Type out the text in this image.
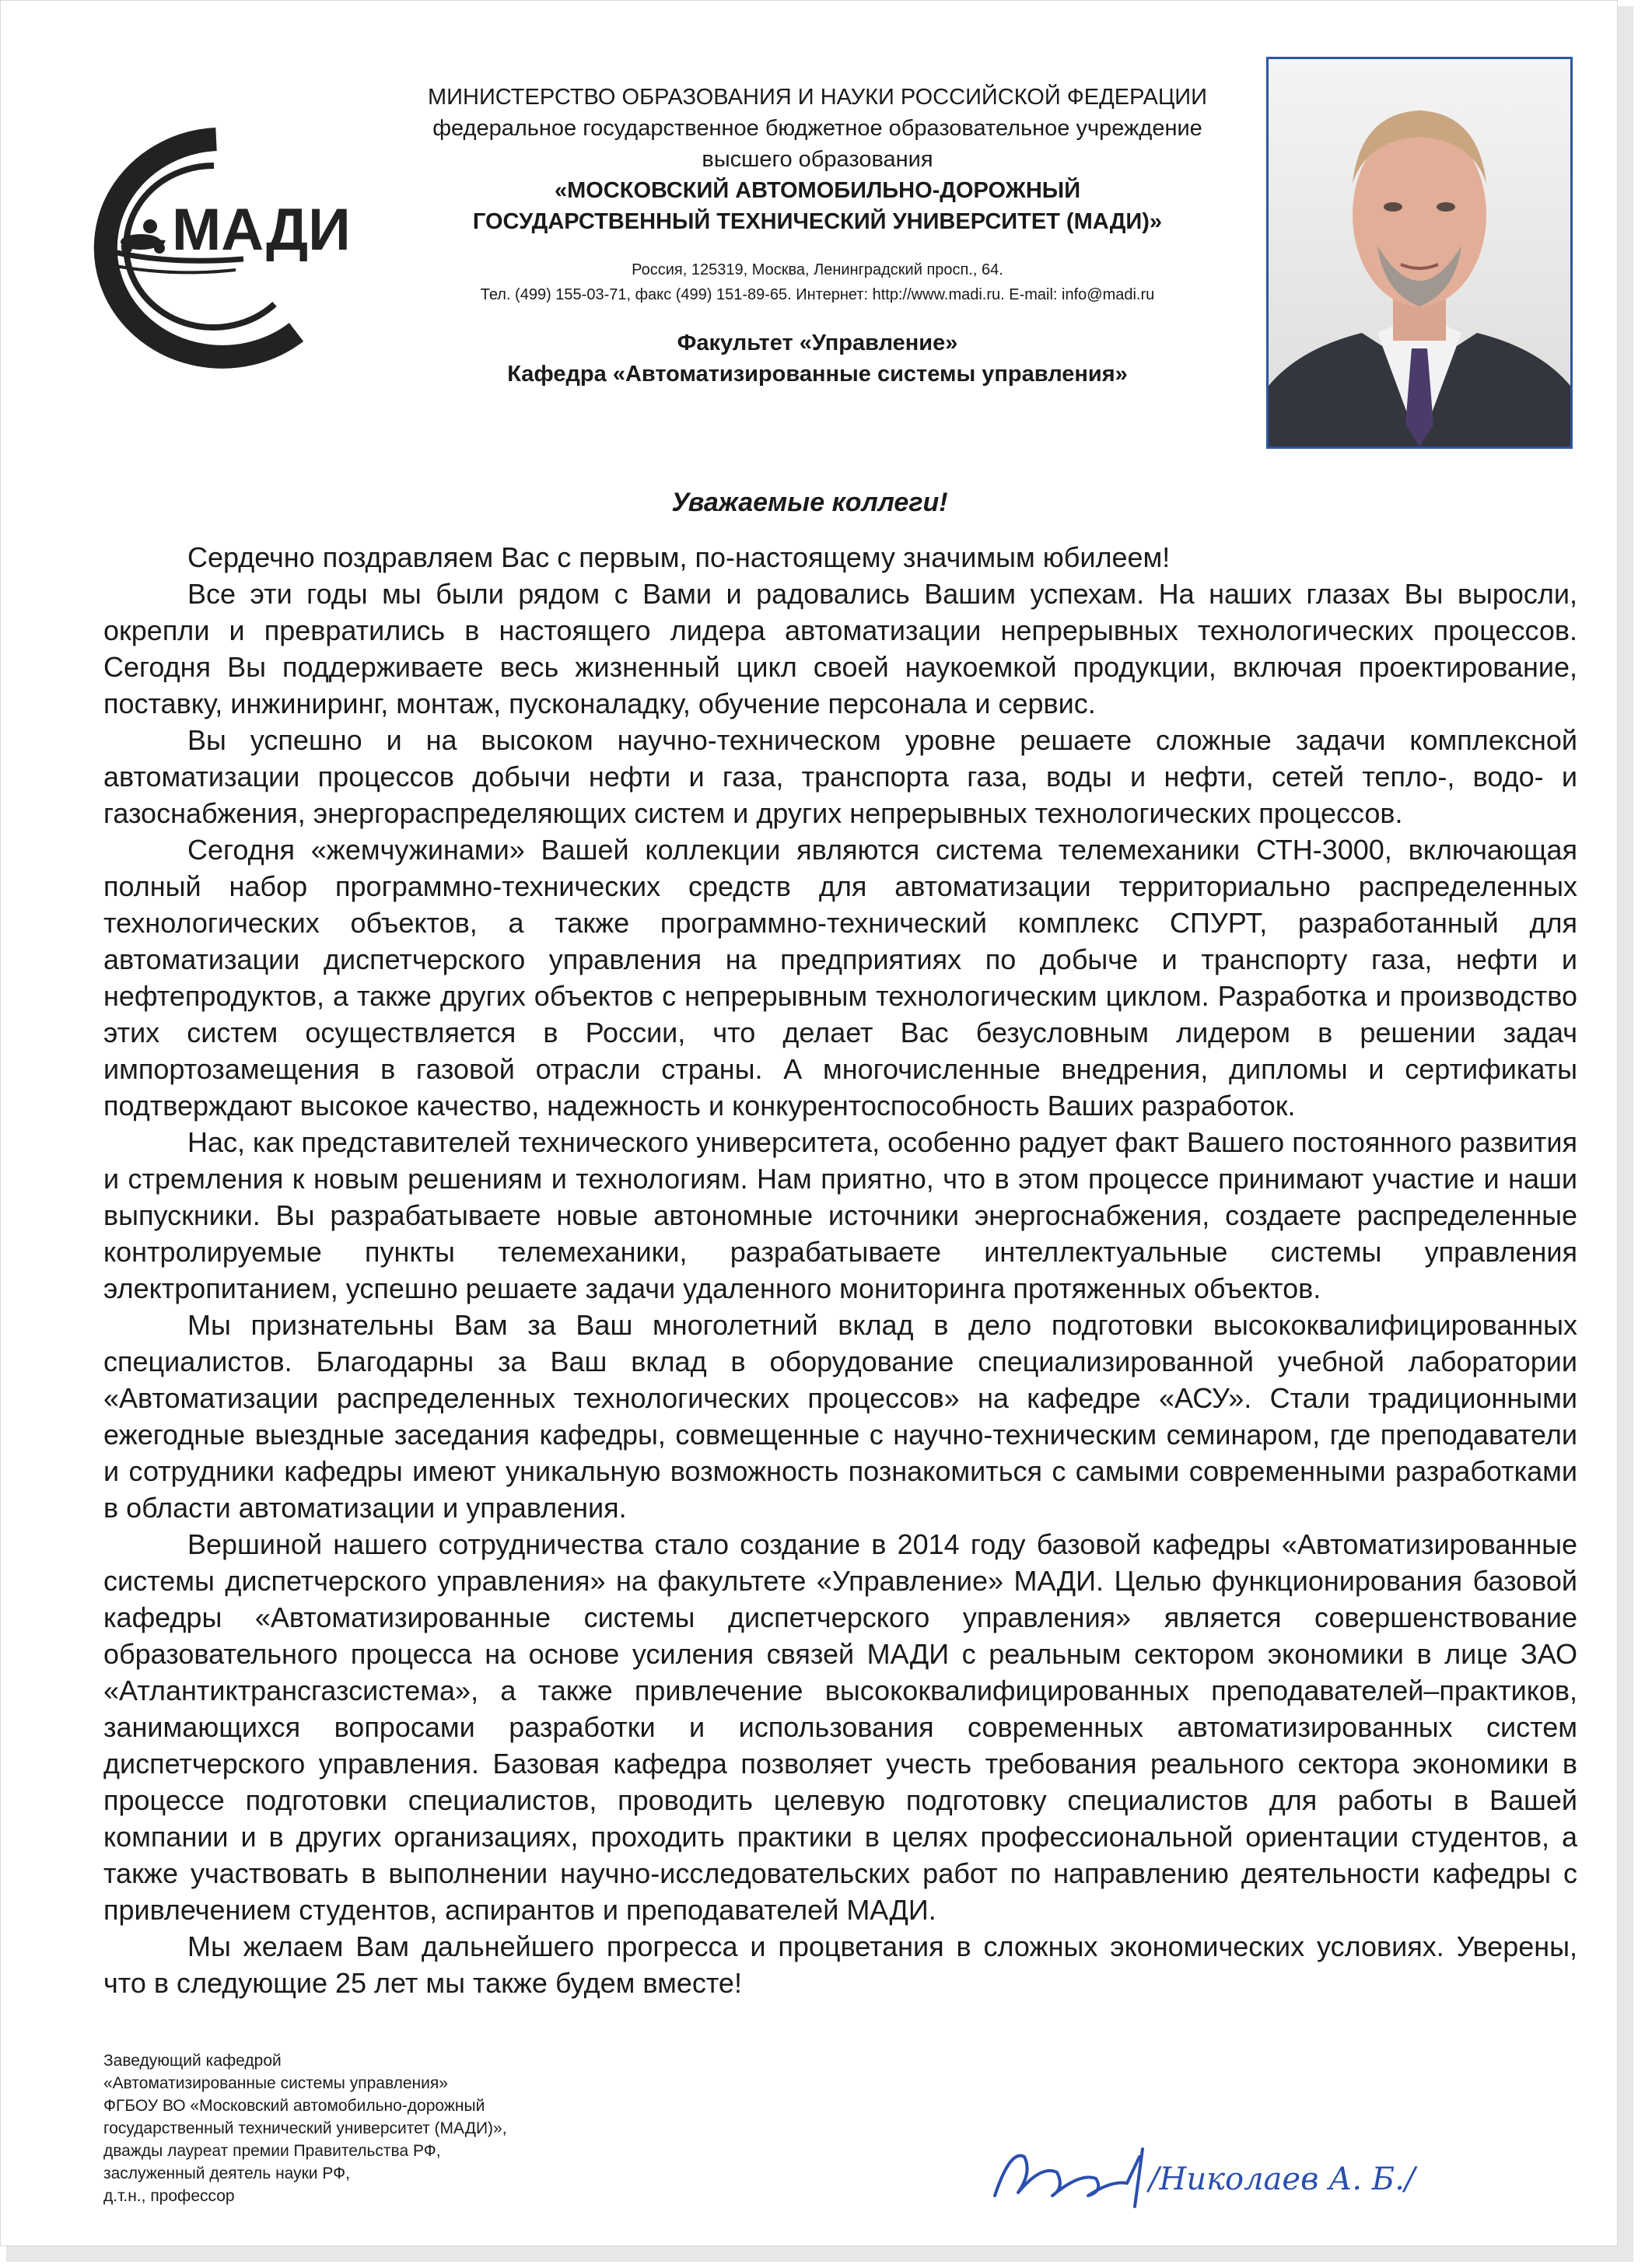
МАДИ
МИНИСТЕРСТВО ОБРАЗОВАНИЯ И НАУКИ РОССИЙСКОЙ ФЕДЕРАЦИИ
федеральное государственное бюджетное образовательное учреждение
высшего образования
«МОСКОВСКИЙ АВТОМОБИЛЬНО-ДОРОЖНЫЙ
ГОСУДАРСТВЕННЫЙ ТЕХНИЧЕСКИЙ УНИВЕРСИТЕТ (МАДИ)»
Россия, 125319, Москва, Ленинградский просп., 64.
Тел. (499) 155-03-71, факс (499) 151-89-65. Интернет: http://www.madi.ru. E-mail: info@madi.ru
Факультет «Управление»
Кафедра «Автоматизированные системы управления»
Уважаемые коллеги!

Сердечно поздравляем Вас с первым, по-настоящему значимым юбилеем!

Все эти годы мы были рядом с Вами и радовались Вашим успехам. На наших глазах Вы выросли, окрепли и превратились в настоящего лидера автоматизации непрерывных технологических процессов. Сегодня Вы поддерживаете весь жизненный цикл своей наукоемкой продукции, включая проектирование, поставку, инжиниринг, монтаж, пусконаладку, обучение персонала и сервис.

Вы успешно и на высоком научно-техническом уровне решаете сложные задачи комплексной автоматизации процессов добычи нефти и газа, транспорта газа, воды и нефти, сетей тепло-, водо- и газоснабжения, энергораспределяющих систем и других непрерывных технологических процессов.

Сегодня «жемчужинами» Вашей коллекции являются система телемеханики СТН-3000, включающая полный набор программно-технических средств для автоматизации территориально распределенных технологических объектов, а также программно-технический комплекс СПУРТ, разработанный для автоматизации диспетчерского управления на предприятиях по добыче и транспорту газа, нефти и нефтепродуктов, а также других объектов с непрерывным технологическим циклом. Разработка и производство этих систем осуществляется в России, что делает Вас безусловным лидером в решении задач импортозамещения в газовой отрасли страны. А многочисленные внедрения, дипломы и сертификаты подтверждают высокое качество, надежность и конкурентоспособность Ваших разработок.

Нас, как представителей технического университета, особенно радует факт Вашего постоянного развития и стремления к новым решениям и технологиям. Нам приятно, что в этом процессе принимают участие и наши выпускники. Вы разрабатываете новые автономные источники энергоснабжения, создаете распределенные контролируемые пункты телемеханики, разрабатываете интеллектуальные системы управления электропитанием, успешно решаете задачи удаленного мониторинга протяженных объектов.

Мы признательны Вам за Ваш многолетний вклад в дело подготовки высококвалифицированных специалистов. Благодарны за Ваш вклад в оборудование специализированной учебной лаборатории «Автоматизации распределенных технологических процессов» на кафедре «АСУ». Стали традиционными ежегодные выездные заседания кафедры, совмещенные с научно-техническим семинаром, где преподаватели и сотрудники кафедры имеют уникальную возможность познакомиться с самыми современными разработками в области автоматизации и управления.

Вершиной нашего сотрудничества стало создание в 2014 году базовой кафедры «Автоматизированные системы диспетчерского управления» на факультете «Управление» МАДИ. Целью функционирования базовой кафедры «Автоматизированные системы диспетчерского управления» является совершенствование образовательного процесса на основе усиления связей МАДИ с реальным сектором экономики в лице ЗАО «Атлантиктрансгазсистема», а также привлечение высококвалифицированных преподавателей–практиков, занимающихся вопросами разработки и использования современных автоматизированных систем диспетчерского управления. Базовая кафедра позволяет учесть требования реального сектора экономики в процессе подготовки специалистов, проводить целевую подготовку специалистов для работы в Вашей компании и в других организациях, проходить практики в целях профессиональной ориентации студентов, а также участвовать в выполнении научно-исследовательских работ по направлению деятельности кафедры с привлечением студентов, аспирантов и преподавателей МАДИ.

Мы желаем Вам дальнейшего прогресса и процветания в сложных экономических условиях. Уверены, что в следующие 25 лет мы также будем вместе!

Заведующий кафедрой
«Автоматизированные системы управления»
ФГБОУ ВО «Московский автомобильно-дорожный
государственный технический университет (МАДИ)»,
дважды лауреат премии Правительства РФ,
заслуженный деятель науки РФ,
д.т.н., профессор	/Николаев А. Б./
